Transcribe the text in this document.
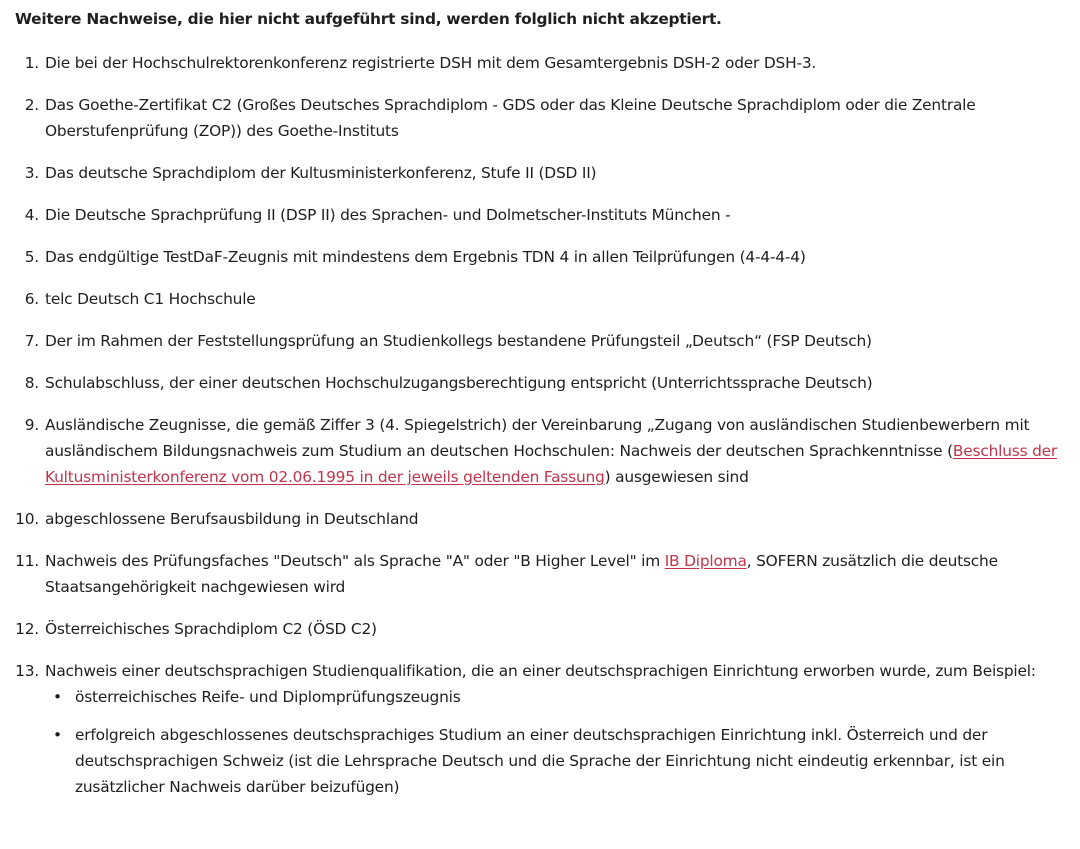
Weitere Nachweise, die hier nicht aufgeführt sind, werden folglich nicht akzeptiert.
1. Die bei der Hochschulrektorenkonferenz registrierte DSH mit dem Gesamtergebnis DSH-2 oder DSH-3.
2. Das Goethe-Zertifikat C2 (Großes Deutsches Sprachdiplom - GDS oder das Kleine Deutsche Sprachdiplom oder die Zentrale Oberstufenprüfung (ZOP)) des Goethe-Instituts
3. Das deutsche Sprachdiplom der Kultusministerkonferenz, Stufe II (DSD II)
4. Die Deutsche Sprachprüfung II (DSP II) des Sprachen- und Dolmetscher-Instituts München -
5. Das endgültige TestDaF-Zeugnis mit mindestens dem Ergebnis TDN 4 in allen Teilprüfungen (4-4-4-4)
6. telc Deutsch C1 Hochschule
7. Der im Rahmen der Feststellungsprüfung an Studienkollegs bestandene Prüfungsteil „Deutsch“ (FSP Deutsch)
8. Schulabschluss, der einer deutschen Hochschulzugangsberechtigung entspricht (Unterrichtssprache Deutsch)
9. Ausländische Zeugnisse, die gemäß Ziffer 3 (4. Spiegelstrich) der Vereinbarung „Zugang von ausländischen Studienbewerbern mit ausländischem Bildungsnachweis zum Studium an deutschen Hochschulen: Nachweis der deutschen Sprachkenntnisse (Beschluss der Kultusministerkonferenz vom 02.06.1995 in der jeweils geltenden Fassung) ausgewiesen sind
10. abgeschlossene Berufsausbildung in Deutschland
11. Nachweis des Prüfungsfaches "Deutsch" als Sprache "A" oder "B Higher Level" im IB Diploma, SOFERN zusätzlich die deutsche Staatsangehörigkeit nachgewiesen wird
12. Österreichisches Sprachdiplom C2 (ÖSD C2)
13. Nachweis einer deutschsprachigen Studienqualifikation, die an einer deutschsprachigen Einrichtung erworben wurde, zum Beispiel:
• österreichisches Reife- und Diplomprüfungszeugnis
• erfolgreich abgeschlossenes deutschsprachiges Studium an einer deutschsprachigen Einrichtung inkl. Österreich und der deutschsprachigen Schweiz (ist die Lehrsprache Deutsch und die Sprache der Einrichtung nicht eindeutig erkennbar, ist ein zusätzlicher Nachweis darüber beizufügen)
